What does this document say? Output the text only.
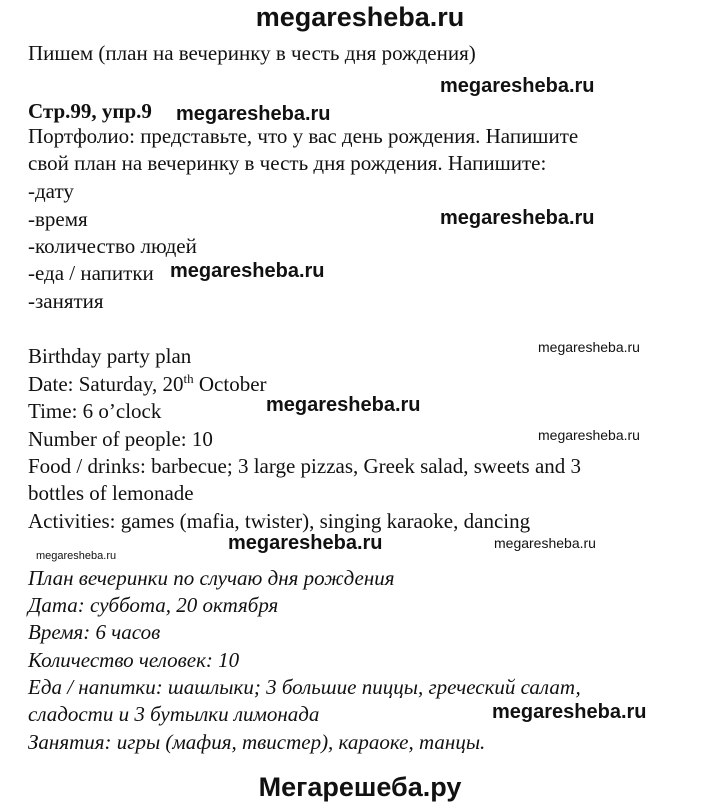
megaresheba.ru
Пишем (план на вечеринку в честь дня рождения)
Стр.99, упр.9
Портфолио: представьте, что у вас день рождения. Напишите
свой план на вечеринку в честь дня рождения. Напишите:
-дату
-время
-количество людей
-еда / напитки
-занятия
Birthday party plan
Date: Saturday, 20th October
Time: 6 o’clock
Number of people: 10
Food / drinks: barbecue; 3 large pizzas, Greek salad, sweets and 3
bottles of lemonade
Activities: games (mafia, twister), singing karaoke, dancing
План вечеринки по случаю дня рождения
Дата: суббота, 20 октября
Время: 6 часов
Количество человек: 10
Еда / напитки: шашлыки; 3 большие пиццы, греческий салат,
сладости и 3 бутылки лимонада
Занятия: игры (мафия, твистер), караоке, танцы.
megaresheba.ru
megaresheba.ru
megaresheba.ru
megaresheba.ru
megaresheba.ru
megaresheba.ru
megaresheba.ru
megaresheba.ru
megaresheba.ru	megaresheba.ru
megaresheba.ru
Мегарешеба.ру
